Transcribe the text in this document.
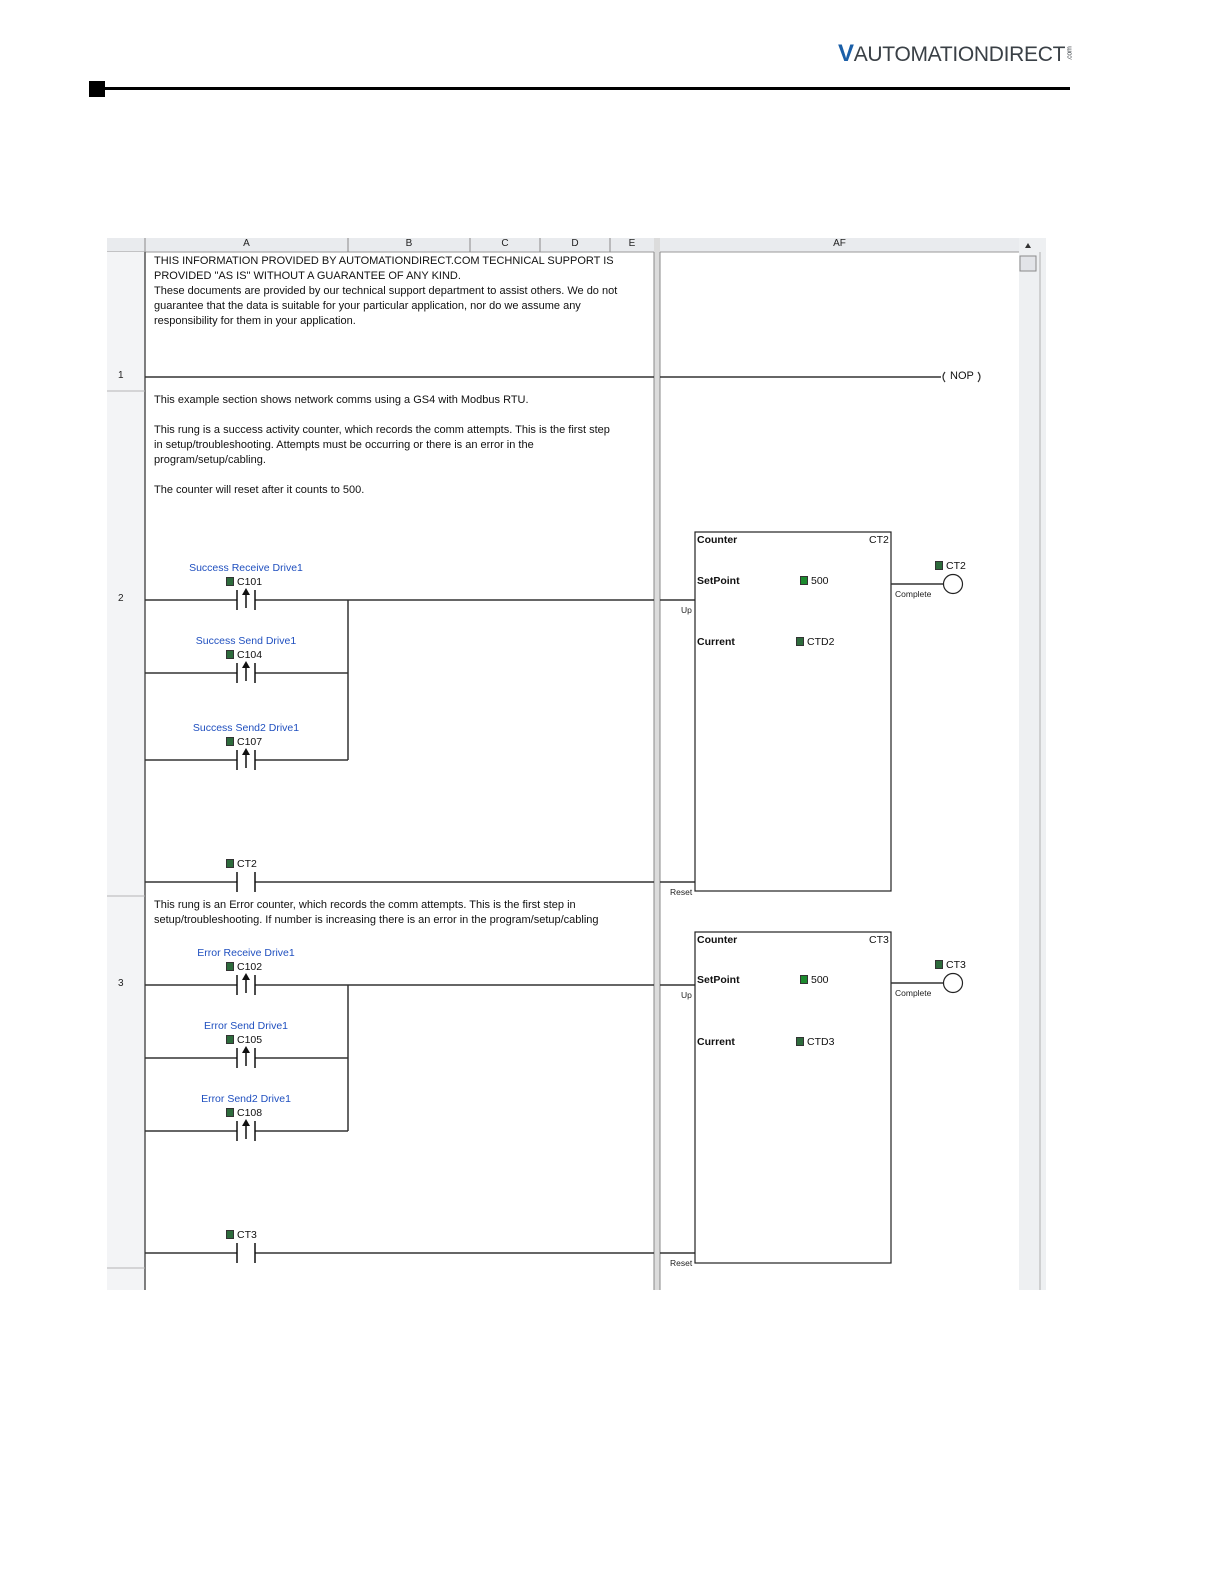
VAUTOMATIONDIRECT.com
A	B	C	D	E	AF
1
2
3
THIS INFORMATION PROVIDED BY AUTOMATIONDIRECT.COM TECHNICAL SUPPORT IS
PROVIDED "AS IS" WITHOUT A GUARANTEE OF ANY KIND.
These documents are provided by our technical support department to assist others. We do not
guarantee that the data is suitable for your particular application, nor do we assume any
responsibility for them in your application.
NOP
This example section shows network comms using a GS4 with Modbus RTU.

This rung is a success activity counter, which records the comm attempts. This is the first step
in setup/troubleshooting. Attempts must be occurring or there is an error in the
program/setup/cabling.

The counter will reset after it counts to 500.
Success Receive Drive1
C101
Success Send Drive1
C104
Success Send2 Drive1
C107
CT2
Counter	CT2
SetPoint	500
Current	CTD2
Up
Reset
Complete
CT2
This rung is an Error counter, which records the comm attempts. This is the first step in
setup/troubleshooting. If number is increasing there is an error in the program/setup/cabling
Error Receive Drive1
C102
Error Send Drive1
C105
Error Send2 Drive1
C108
CT3
Counter	CT3
SetPoint	500
Current	CTD3
Up
Reset
Complete
CT3
